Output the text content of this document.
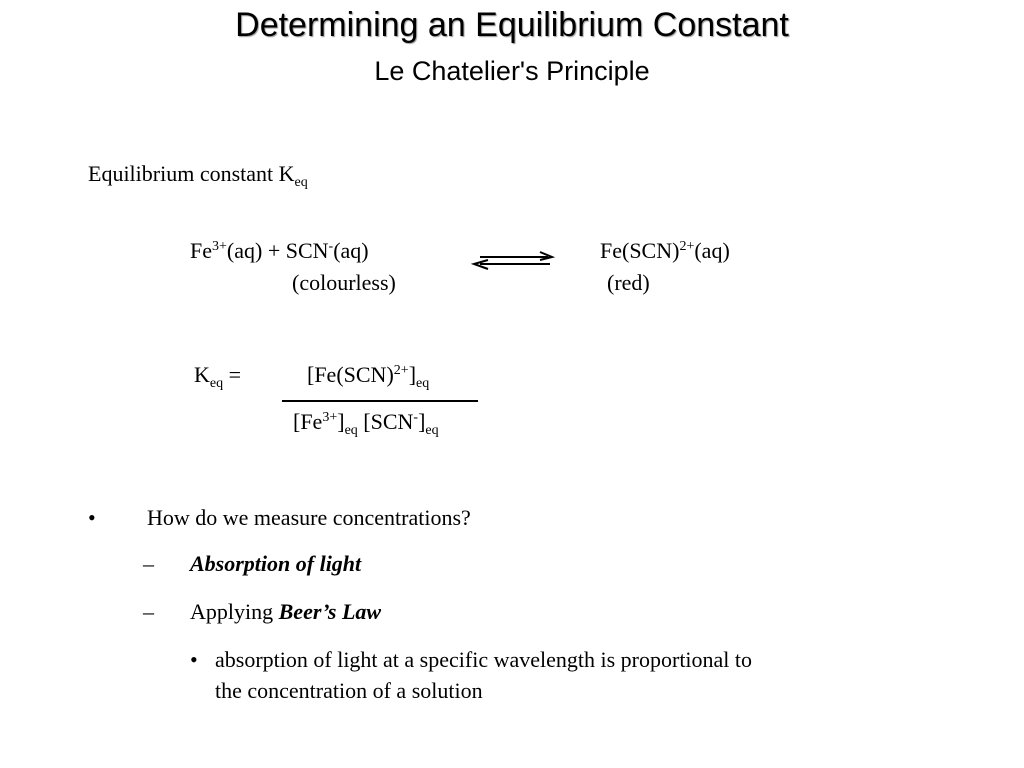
Determining an Equilibrium Constant
Le Chatelier's Principle
Equilibrium constant $K_{eq}$
$Fe^{3+}(aq) + SCN^-(aq)$
(colourless)
Fe(SCN)$^{2+}$(aq)
(red)
$K_{eq}$ =	$[Fe(SCN)^{2+}]_{eq}$
$[Fe^{3+}]_{eq}$ $[SCN^-]_{eq}$
• How do we measure concentrations?
– Absorption of light
– Applying Beer’s Law
• absorption of light at a specific wavelength is proportional to
the concentration of a solution
